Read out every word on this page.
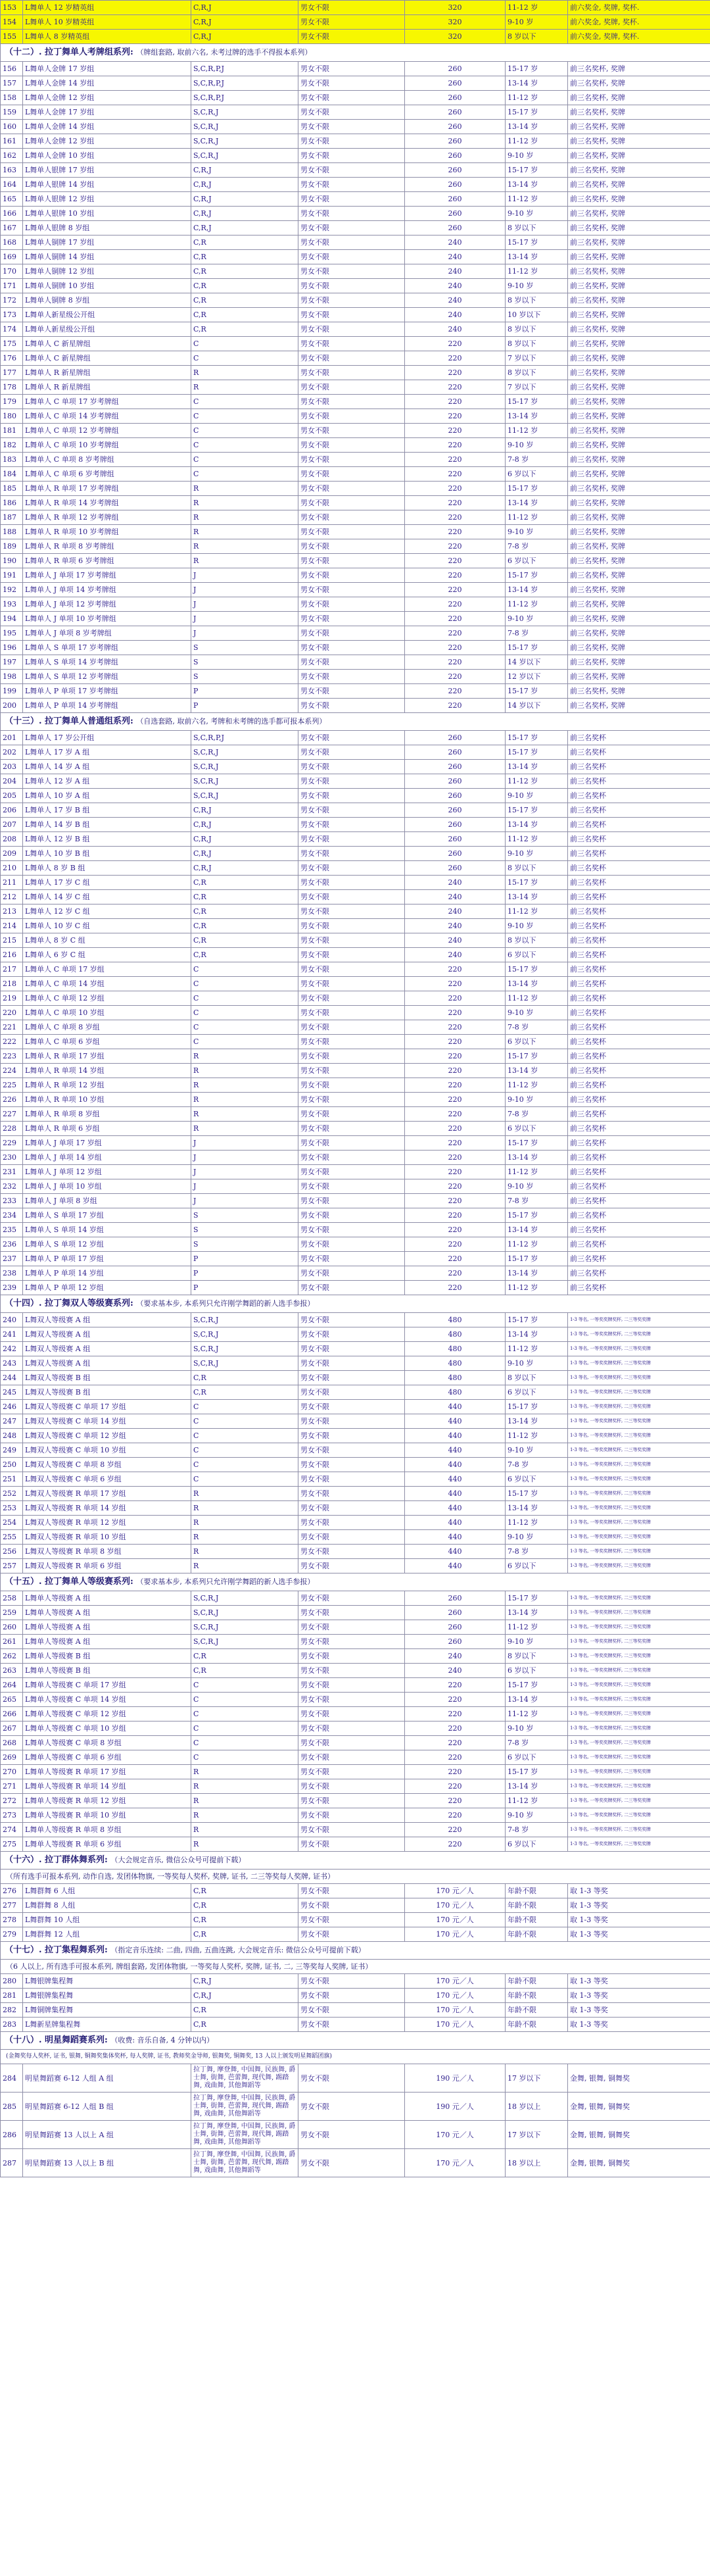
153	L舞单人 12 岁精英组	C,R,J	男女不限	320	11-12 岁	前六奖金, 奖牌, 奖杯.
154	L舞单人 10 岁精英组	C,R,J	男女不限	320	9-10 岁	前六奖金, 奖牌, 奖杯.
155	L舞单人 8 岁精英组	C,R,J	男女不限	320	8 岁以下	前六奖金, 奖牌, 奖杯.
（十二）. 拉丁舞单人考牌组系列: （牌组套路, 取前六名, 未考过牌的选手不得报本系列）						
156	L舞单人金牌 17 岁组	S,C,R,P,J	男女不限	260	15-17 岁	前三名奖杯, 奖牌
157	L舞单人金牌 14 岁组	S,C,R,P,J	男女不限	260	13-14 岁	前三名奖杯, 奖牌
158	L舞单人金牌 12 岁组	S,C,R,P,J	男女不限	260	11-12 岁	前三名奖杯, 奖牌
159	L舞单人金牌 17 岁组	S,C,R,J	男女不限	260	15-17 岁	前三名奖杯, 奖牌
160	L舞单人金牌 14 岁组	S,C,R,J	男女不限	260	13-14 岁	前三名奖杯, 奖牌
161	L舞单人金牌 12 岁组	S,C,R,J	男女不限	260	11-12 岁	前三名奖杯, 奖牌
162	L舞单人金牌 10 岁组	S,C,R,J	男女不限	260	9-10 岁	前三名奖杯, 奖牌
163	L舞单人银牌 17 岁组	C,R,J	男女不限	260	15-17 岁	前三名奖杯, 奖牌
164	L舞单人银牌 14 岁组	C,R,J	男女不限	260	13-14 岁	前三名奖杯, 奖牌
165	L舞单人银牌 12 岁组	C,R,J	男女不限	260	11-12 岁	前三名奖杯, 奖牌
166	L舞单人银牌 10 岁组	C,R,J	男女不限	260	9-10 岁	前三名奖杯, 奖牌
167	L舞单人银牌 8 岁组	C,R,J	男女不限	260	8 岁以下	前三名奖杯, 奖牌
168	L舞单人铜牌 17 岁组	C,R	男女不限	240	15-17 岁	前三名奖杯, 奖牌
169	L舞单人铜牌 14 岁组	C,R	男女不限	240	13-14 岁	前三名奖杯, 奖牌
170	L舞单人铜牌 12 岁组	C,R	男女不限	240	11-12 岁	前三名奖杯, 奖牌
171	L舞单人铜牌 10 岁组	C,R	男女不限	240	9-10 岁	前三名奖杯, 奖牌
172	L舞单人铜牌 8 岁组	C,R	男女不限	240	8 岁以下	前三名奖杯, 奖牌
173	L舞单人新星级公开组	C,R	男女不限	240	10 岁以下	前三名奖杯, 奖牌
174	L舞单人新星级公开组	C,R	男女不限	240	8 岁以下	前三名奖杯, 奖牌
175	L舞单人 C 新星牌组	C	男女不限	220	8 岁以下	前三名奖杯, 奖牌
176	L舞单人 C 新星牌组	C	男女不限	220	7 岁以下	前三名奖杯, 奖牌
177	L舞单人 R 新星牌组	R	男女不限	220	8 岁以下	前三名奖杯, 奖牌
178	L舞单人 R 新星牌组	R	男女不限	220	7 岁以下	前三名奖杯, 奖牌
179	L舞单人 C 单项 17 岁考牌组	C	男女不限	220	15-17 岁	前三名奖杯, 奖牌
180	L舞单人 C 单项 14 岁考牌组	C	男女不限	220	13-14 岁	前三名奖杯, 奖牌
181	L舞单人 C 单项 12 岁考牌组	C	男女不限	220	11-12 岁	前三名奖杯, 奖牌
182	L舞单人 C 单项 10 岁考牌组	C	男女不限	220	9-10 岁	前三名奖杯, 奖牌
183	L舞单人 C 单项 8 岁考牌组	C	男女不限	220	7-8 岁	前三名奖杯, 奖牌
184	L舞单人 C 单项 6 岁考牌组	C	男女不限	220	6 岁以下	前三名奖杯, 奖牌
185	L舞单人 R 单项 17 岁考牌组	R	男女不限	220	15-17 岁	前三名奖杯, 奖牌
186	L舞单人 R 单项 14 岁考牌组	R	男女不限	220	13-14 岁	前三名奖杯, 奖牌
187	L舞单人 R 单项 12 岁考牌组	R	男女不限	220	11-12 岁	前三名奖杯, 奖牌
188	L舞单人 R 单项 10 岁考牌组	R	男女不限	220	9-10 岁	前三名奖杯, 奖牌
189	L舞单人 R 单项 8 岁考牌组	R	男女不限	220	7-8 岁	前三名奖杯, 奖牌
190	L舞单人 R 单项 6 岁考牌组	R	男女不限	220	6 岁以下	前三名奖杯, 奖牌
191	L舞单人 J 单项 17 岁考牌组	J	男女不限	220	15-17 岁	前三名奖杯, 奖牌
192	L舞单人 J 单项 14 岁考牌组	J	男女不限	220	13-14 岁	前三名奖杯, 奖牌
193	L舞单人 J 单项 12 岁考牌组	J	男女不限	220	11-12 岁	前三名奖杯, 奖牌
194	L舞单人 J 单项 10 岁考牌组	J	男女不限	220	9-10 岁	前三名奖杯, 奖牌
195	L舞单人 J 单项 8 岁考牌组	J	男女不限	220	7-8 岁	前三名奖杯, 奖牌
196	L舞单人 S 单项 17 岁考牌组	S	男女不限	220	15-17 岁	前三名奖杯, 奖牌
197	L舞单人 S 单项 14 岁考牌组	S	男女不限	220	14 岁以下	前三名奖杯, 奖牌
198	L舞单人 S 单项 12 岁考牌组	S	男女不限	220	12 岁以下	前三名奖杯, 奖牌
199	L舞单人 P 单项 17 岁考牌组	P	男女不限	220	15-17 岁	前三名奖杯, 奖牌
200	L舞单人 P 单项 14 岁考牌组	P	男女不限	220	14 岁以下	前三名奖杯, 奖牌
（十三）. 拉丁舞单人普通组系列: （自选套路, 取前六名, 考牌和未考牌的选手都可报本系列）						
201	L舞单人 17 岁公开组	S,C,R,P,J	男女不限	260	15-17 岁	前三名奖杯
202	L舞单人 17 岁 A 组	S,C,R,J	男女不限	260	15-17 岁	前三名奖杯
203	L舞单人 14 岁 A 组	S,C,R,J	男女不限	260	13-14 岁	前三名奖杯
204	L舞单人 12 岁 A 组	S,C,R,J	男女不限	260	11-12 岁	前三名奖杯
205	L舞单人 10 岁 A 组	S,C,R,J	男女不限	260	9-10 岁	前三名奖杯
206	L舞单人 17 岁 B 组	C,R,J	男女不限	260	15-17 岁	前三名奖杯
207	L舞单人 14 岁 B 组	C,R,J	男女不限	260	13-14 岁	前三名奖杯
208	L舞单人 12 岁 B 组	C,R,J	男女不限	260	11-12 岁	前三名奖杯
209	L舞单人 10 岁 B 组	C,R,J	男女不限	260	9-10 岁	前三名奖杯
210	L舞单人 8 岁 B 组	C,R,J	男女不限	260	8 岁以下	前三名奖杯
211	L舞单人 17 岁 C 组	C,R	男女不限	240	15-17 岁	前三名奖杯
212	L舞单人 14 岁 C 组	C,R	男女不限	240	13-14 岁	前三名奖杯
213	L舞单人 12 岁 C 组	C,R	男女不限	240	11-12 岁	前三名奖杯
214	L舞单人 10 岁 C 组	C,R	男女不限	240	9-10 岁	前三名奖杯
215	L舞单人 8 岁 C 组	C,R	男女不限	240	8 岁以下	前三名奖杯
216	L舞单人 6 岁 C 组	C,R	男女不限	240	6 岁以下	前三名奖杯
217	L舞单人 C 单项 17 岁组	C	男女不限	220	15-17 岁	前三名奖杯
218	L舞单人 C 单项 14 岁组	C	男女不限	220	13-14 岁	前三名奖杯
219	L舞单人 C 单项 12 岁组	C	男女不限	220	11-12 岁	前三名奖杯
220	L舞单人 C 单项 10 岁组	C	男女不限	220	9-10 岁	前三名奖杯
221	L舞单人 C 单项 8 岁组	C	男女不限	220	7-8 岁	前三名奖杯
222	L舞单人 C 单项 6 岁组	C	男女不限	220	6 岁以下	前三名奖杯
223	L舞单人 R 单项 17 岁组	R	男女不限	220	15-17 岁	前三名奖杯
224	L舞单人 R 单项 14 岁组	R	男女不限	220	13-14 岁	前三名奖杯
225	L舞单人 R 单项 12 岁组	R	男女不限	220	11-12 岁	前三名奖杯
226	L舞单人 R 单项 10 岁组	R	男女不限	220	9-10 岁	前三名奖杯
227	L舞单人 R 单项 8 岁组	R	男女不限	220	7-8 岁	前三名奖杯
228	L舞单人 R 单项 6 岁组	R	男女不限	220	6 岁以下	前三名奖杯
229	L舞单人 J 单项 17 岁组	J	男女不限	220	15-17 岁	前三名奖杯
230	L舞单人 J 单项 14 岁组	J	男女不限	220	13-14 岁	前三名奖杯
231	L舞单人 J 单项 12 岁组	J	男女不限	220	11-12 岁	前三名奖杯
232	L舞单人 J 单项 10 岁组	J	男女不限	220	9-10 岁	前三名奖杯
233	L舞单人 J 单项 8 岁组	J	男女不限	220	7-8 岁	前三名奖杯
234	L舞单人 S 单项 17 岁组	S	男女不限	220	15-17 岁	前三名奖杯
235	L舞单人 S 单项 14 岁组	S	男女不限	220	13-14 岁	前三名奖杯
236	L舞单人 S 单项 12 岁组	S	男女不限	220	11-12 岁	前三名奖杯
237	L舞单人 P 单项 17 岁组	P	男女不限	220	15-17 岁	前三名奖杯
238	L舞单人 P 单项 14 岁组	P	男女不限	220	13-14 岁	前三名奖杯
239	L舞单人 P 单项 12 岁组	P	男女不限	220	11-12 岁	前三名奖杯
（十四）. 拉丁舞双人等级赛系列: （要求基本步, 本系列只允许刚学舞蹈的新人选手参报）						
240	L舞双人等级赛 A 组	S,C,R,J	男女不限	480	15-17 岁	1-3 等名, 一等奖奖牌奖杯, 二三等奖奖牌
241	L舞双人等级赛 A 组	S,C,R,J	男女不限	480	13-14 岁	1-3 等名, 一等奖奖牌奖杯, 二三等奖奖牌
242	L舞双人等级赛 A 组	S,C,R,J	男女不限	480	11-12 岁	1-3 等名, 一等奖奖牌奖杯, 二三等奖奖牌
243	L舞双人等级赛 A 组	S,C,R,J	男女不限	480	9-10 岁	1-3 等名, 一等奖奖牌奖杯, 二三等奖奖牌
244	L舞双人等级赛 B 组	C,R	男女不限	480	8 岁以下	1-3 等名, 一等奖奖牌奖杯, 二三等奖奖牌
245	L舞双人等级赛 B 组	C,R	男女不限	480	6 岁以下	1-3 等名, 一等奖奖牌奖杯, 二三等奖奖牌
246	L舞双人等级赛 C 单项 17 岁组	C	男女不限	440	15-17 岁	1-3 等名, 一等奖奖牌奖杯, 二三等奖奖牌
247	L舞双人等级赛 C 单项 14 岁组	C	男女不限	440	13-14 岁	1-3 等名, 一等奖奖牌奖杯, 二三等奖奖牌
248	L舞双人等级赛 C 单项 12 岁组	C	男女不限	440	11-12 岁	1-3 等名, 一等奖奖牌奖杯, 二三等奖奖牌
249	L舞双人等级赛 C 单项 10 岁组	C	男女不限	440	9-10 岁	1-3 等名, 一等奖奖牌奖杯, 二三等奖奖牌
250	L舞双人等级赛 C 单项 8 岁组	C	男女不限	440	7-8 岁	1-3 等名, 一等奖奖牌奖杯, 二三等奖奖牌
251	L舞双人等级赛 C 单项 6 岁组	C	男女不限	440	6 岁以下	1-3 等名, 一等奖奖牌奖杯, 二三等奖奖牌
252	L舞双人等级赛 R 单项 17 岁组	R	男女不限	440	15-17 岁	1-3 等名, 一等奖奖牌奖杯, 二三等奖奖牌
253	L舞双人等级赛 R 单项 14 岁组	R	男女不限	440	13-14 岁	1-3 等名, 一等奖奖牌奖杯, 二三等奖奖牌
254	L舞双人等级赛 R 单项 12 岁组	R	男女不限	440	11-12 岁	1-3 等名, 一等奖奖牌奖杯, 二三等奖奖牌
255	L舞双人等级赛 R 单项 10 岁组	R	男女不限	440	9-10 岁	1-3 等名, 一等奖奖牌奖杯, 二三等奖奖牌
256	L舞双人等级赛 R 单项 8 岁组	R	男女不限	440	7-8 岁	1-3 等名, 一等奖奖牌奖杯, 二三等奖奖牌
257	L舞双人等级赛 R 单项 6 岁组	R	男女不限	440	6 岁以下	1-3 等名, 一等奖奖牌奖杯, 二三等奖奖牌
（十五）. 拉丁舞单人等级赛系列: （要求基本步, 本系列只允许刚学舞蹈的新人选手参报）						
258	L舞单人等级赛 A 组	S,C,R,J	男女不限	260	15-17 岁	1-3 等名, 一等奖奖牌奖杯, 二三等奖奖牌
259	L舞单人等级赛 A 组	S,C,R,J	男女不限	260	13-14 岁	1-3 等名, 一等奖奖牌奖杯, 二三等奖奖牌
260	L舞单人等级赛 A 组	S,C,R,J	男女不限	260	11-12 岁	1-3 等名, 一等奖奖牌奖杯, 二三等奖奖牌
261	L舞单人等级赛 A 组	S,C,R,J	男女不限	260	9-10 岁	1-3 等名, 一等奖奖牌奖杯, 二三等奖奖牌
262	L舞单人等级赛 B 组	C,R	男女不限	240	8 岁以下	1-3 等名, 一等奖奖牌奖杯, 二三等奖奖牌
263	L舞单人等级赛 B 组	C,R	男女不限	240	6 岁以下	1-3 等名, 一等奖奖牌奖杯, 二三等奖奖牌
264	L舞单人等级赛 C 单项 17 岁组	C	男女不限	220	15-17 岁	1-3 等名, 一等奖奖牌奖杯, 二三等奖奖牌
265	L舞单人等级赛 C 单项 14 岁组	C	男女不限	220	13-14 岁	1-3 等名, 一等奖奖牌奖杯, 二三等奖奖牌
266	L舞单人等级赛 C 单项 12 岁组	C	男女不限	220	11-12 岁	1-3 等名, 一等奖奖牌奖杯, 二三等奖奖牌
267	L舞单人等级赛 C 单项 10 岁组	C	男女不限	220	9-10 岁	1-3 等名, 一等奖奖牌奖杯, 二三等奖奖牌
268	L舞单人等级赛 C 单项 8 岁组	C	男女不限	220	7-8 岁	1-3 等名, 一等奖奖牌奖杯, 二三等奖奖牌
269	L舞单人等级赛 C 单项 6 岁组	C	男女不限	220	6 岁以下	1-3 等名, 一等奖奖牌奖杯, 二三等奖奖牌
270	L舞单人等级赛 R 单项 17 岁组	R	男女不限	220	15-17 岁	1-3 等名, 一等奖奖牌奖杯, 二三等奖奖牌
271	L舞单人等级赛 R 单项 14 岁组	R	男女不限	220	13-14 岁	1-3 等名, 一等奖奖牌奖杯, 二三等奖奖牌
272	L舞单人等级赛 R 单项 12 岁组	R	男女不限	220	11-12 岁	1-3 等名, 一等奖奖牌奖杯, 二三等奖奖牌
273	L舞单人等级赛 R 单项 10 岁组	R	男女不限	220	9-10 岁	1-3 等名, 一等奖奖牌奖杯, 二三等奖奖牌
274	L舞单人等级赛 R 单项 8 岁组	R	男女不限	220	7-8 岁	1-3 等名, 一等奖奖牌奖杯, 二三等奖奖牌
275	L舞单人等级赛 R 单项 6 岁组	R	男女不限	220	6 岁以下	1-3 等名, 一等奖奖牌奖杯, 二三等奖奖牌
（十六）. 拉丁群体舞系列: （大会规定音乐, 微信公众号可提前下载）						
（所有选手可报本系列, 动作自选, 发团体物旗, 一等奖每人奖杯, 奖牌, 证书, 二三等奖每人奖牌, 证书）						
276	L舞群舞 6 人组	C,R	男女不限	170 元／人	年龄不限	取 1-3 等奖
277	L舞群舞 8 人组	C,R	男女不限	170 元／人	年龄不限	取 1-3 等奖
278	L舞群舞 10 人组	C,R	男女不限	170 元／人	年龄不限	取 1-3 等奖
279	L舞群舞 12 人组	C,R	男女不限	170 元／人	年龄不限	取 1-3 等奖
（十七）. 拉丁集程舞系列: （指定音乐连续: 二曲, 四曲, 五曲连跳, 大会规定音乐: 微信公众号可提前下载）						
（6 人以上, 所有选手可报本系列, 牌组套路, 发团体物旗, 一等奖每人奖杯, 奖牌, 证书, 二, 三等奖每人奖牌, 证书）						
280	L舞银牌集程舞	C,R,J	男女不限	170 元／人	年龄不限	取 1-3 等奖
281	L舞银牌集程舞	C,R,J	男女不限	170 元／人	年龄不限	取 1-3 等奖
282	L舞铜牌集程舞	C,R	男女不限	170 元／人	年龄不限	取 1-3 等奖
283	L舞新星牌集程舞	C,R	男女不限	170 元／人	年龄不限	取 1-3 等奖
（十八）. 明星舞蹈赛系列: （收费: 音乐自备, 4 分钟以内）						
(金舞奖每人奖杯, 证书, 银舞, 铜舞奖集体奖杯, 每人奖牌, 证书, 教师奖金导师, 银舞奖, 铜舞奖, 13 人以上颁发明星舞蹈团旗)						
284	明星舞蹈赛 6-12 人组 A 组	拉丁舞, 摩登舞, 中国舞, 民族舞, 爵士舞, 街舞, 芭蕾舞, 现代舞, 踢踏舞, 戏曲舞, 其他舞蹈等	男女不限	190 元／人	17 岁以下	金舞, 银舞, 铜舞奖
285	明星舞蹈赛 6-12 人组 B 组	拉丁舞, 摩登舞, 中国舞, 民族舞, 爵士舞, 街舞, 芭蕾舞, 现代舞, 踢踏舞, 戏曲舞, 其他舞蹈等	男女不限	190 元／人	18 岁以上	金舞, 银舞, 铜舞奖
286	明星舞蹈赛 13 人以上 A 组	拉丁舞, 摩登舞, 中国舞, 民族舞, 爵士舞, 街舞, 芭蕾舞, 现代舞, 踢踏舞, 戏曲舞, 其他舞蹈等	男女不限	170 元／人	17 岁以下	金舞, 银舞, 铜舞奖
287	明星舞蹈赛 13 人以上 B 组	拉丁舞, 摩登舞, 中国舞, 民族舞, 爵士舞, 街舞, 芭蕾舞, 现代舞, 踢踏舞, 戏曲舞, 其他舞蹈等	男女不限	170 元／人	18 岁以上	金舞, 银舞, 铜舞奖
